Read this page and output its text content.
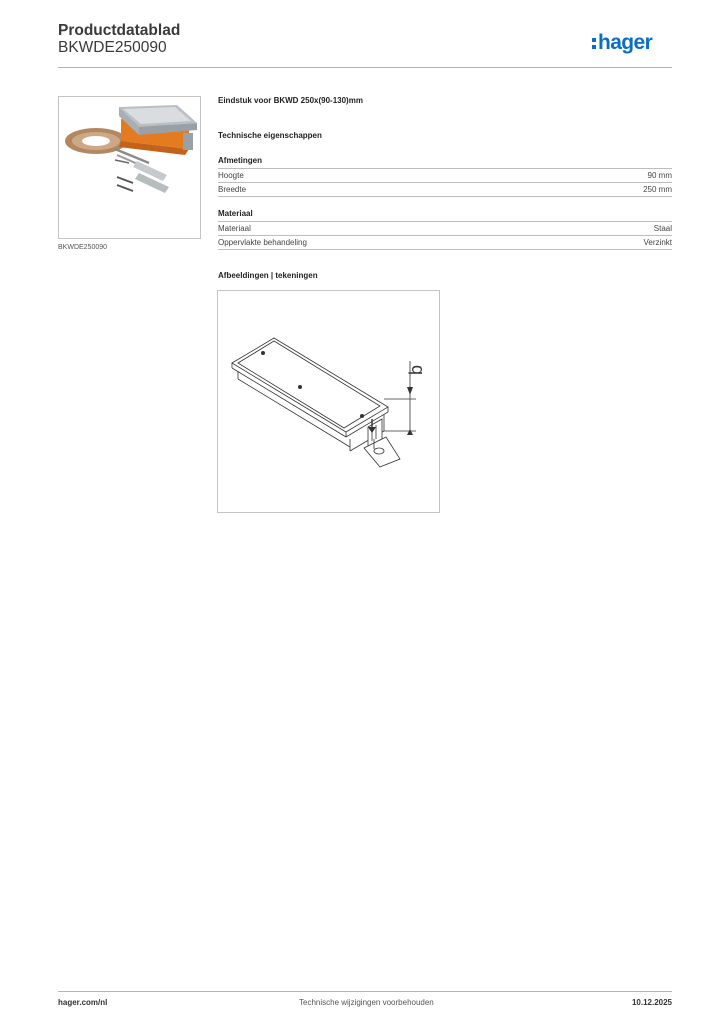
Productdatablad
BKWDE250090	hager
BKWDE250090
Eindstuk voor BKWD 250x(90-130)mm
Technische eigenschappen
Afmetingen
Hoogte	90 mm
Breedte	250 mm
Materiaal
Materiaal	Staal
Oppervlakte behandeling	Verzinkt
Afbeeldingen | tekeningen
b
hager.com/nl	Technische wijzigingen voorbehouden	10.12.2025
